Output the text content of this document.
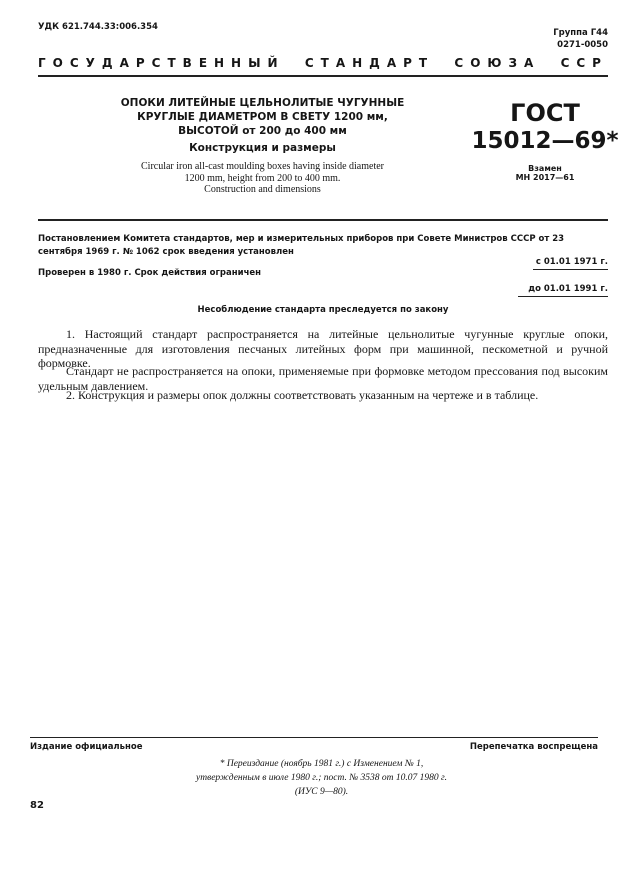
УДК 621.744.33:006.354
Группа Г44
0271-0050
ГОСУДАРСТВЕННЫЙ СТАНДАРТ СОЮЗА ССР
ОПОКИ ЛИТЕЙНЫЕ ЦЕЛЬНОЛИТЫЕ ЧУГУННЫЕ
КРУГЛЫЕ ДИАМЕТРОМ В СВЕТУ 1200 мм,
ВЫСОТОЙ от 200 до 400 мм
Конструкция и размеры
Circular iron all-cast moulding boxes having inside diameter
1200 mm, height from 200 to 400 mm.
Construction and dimensions
ГОСТ
15012—69*
Взамен
МН 2017—61
Постановлением Комитета стандартов, мер и измерительных приборов при Совете Министров СССР от 23 сентября 1969 г. № 1062 срок введения установлен
с 01.01 1971 г.
Проверен в 1980 г. Срок действия ограничен
до 01.01 1991 г.
Несоблюдение стандарта преследуется по закону
1. Настоящий стандарт распространяется на литейные цельнолитые чугунные круглые опоки, предназначенные для изготовления песчаных литейных форм при машинной, пескометной и ручной формовке.
Стандарт не распространяется на опоки, применяемые при формовке методом прессования под высоким удельным давлением.
2. Конструкция и размеры опок должны соответствовать указанным на чертеже и в таблице.
Издание официальное	Перепечатка воспрещена
* Переиздание (ноябрь 1981 г.) с Изменением № 1,
утвержденным в июле 1980 г.; пост. № 3538 от 10.07 1980 г.
(ИУС 9—80).
82
